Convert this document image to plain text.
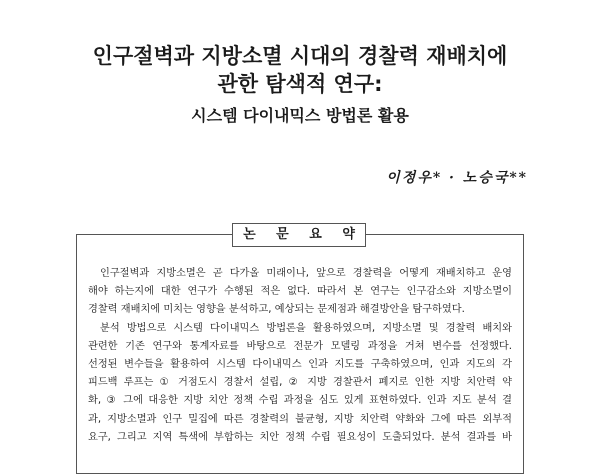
인구절벽과 지방소멸 시대의 경찰력 재배치에
관한 탐색적 연구:
시스템 다이내믹스 방법론 활용
이정우* · 노승국**
논 문 요 약
인구절벽과 지방소멸은 곧 다가올 미래이나, 앞으로 경찰력을 어떻게 재배치하고 운영
해야 하는지에 대한 연구가 수행된 적은 없다. 따라서 본 연구는 인구감소와 지방소멸이
경찰력 재배치에 미치는 영향을 분석하고, 예상되는 문제점과 해결방안을 탐구하였다.
분석 방법으로 시스템 다이내믹스 방법론을 활용하였으며, 지방소멸 및 경찰력 배치와
관련한 기존 연구와 통계자료를 바탕으로 전문가 모델링 과정을 거쳐 변수를 선정했다.
선정된 변수들을 활용하여 시스템 다이내믹스 인과 지도를 구축하였으며, 인과 지도의 각
피드백 루프는 ① 거점도시 경찰서 설립, ② 지방 경찰관서 폐지로 인한 지방 치안력 약
화, ③ 그에 대응한 지방 치안 정책 수립 과정을 심도 있게 표현하였다. 인과 지도 분석 결
과, 지방소멸과 인구 밀집에 따른 경찰력의 불균형, 지방 치안력 약화와 그에 따른 외부적
요구, 그리고 지역 특색에 부합하는 치안 정책 수립 필요성이 도출되었다. 분석 결과를 바
